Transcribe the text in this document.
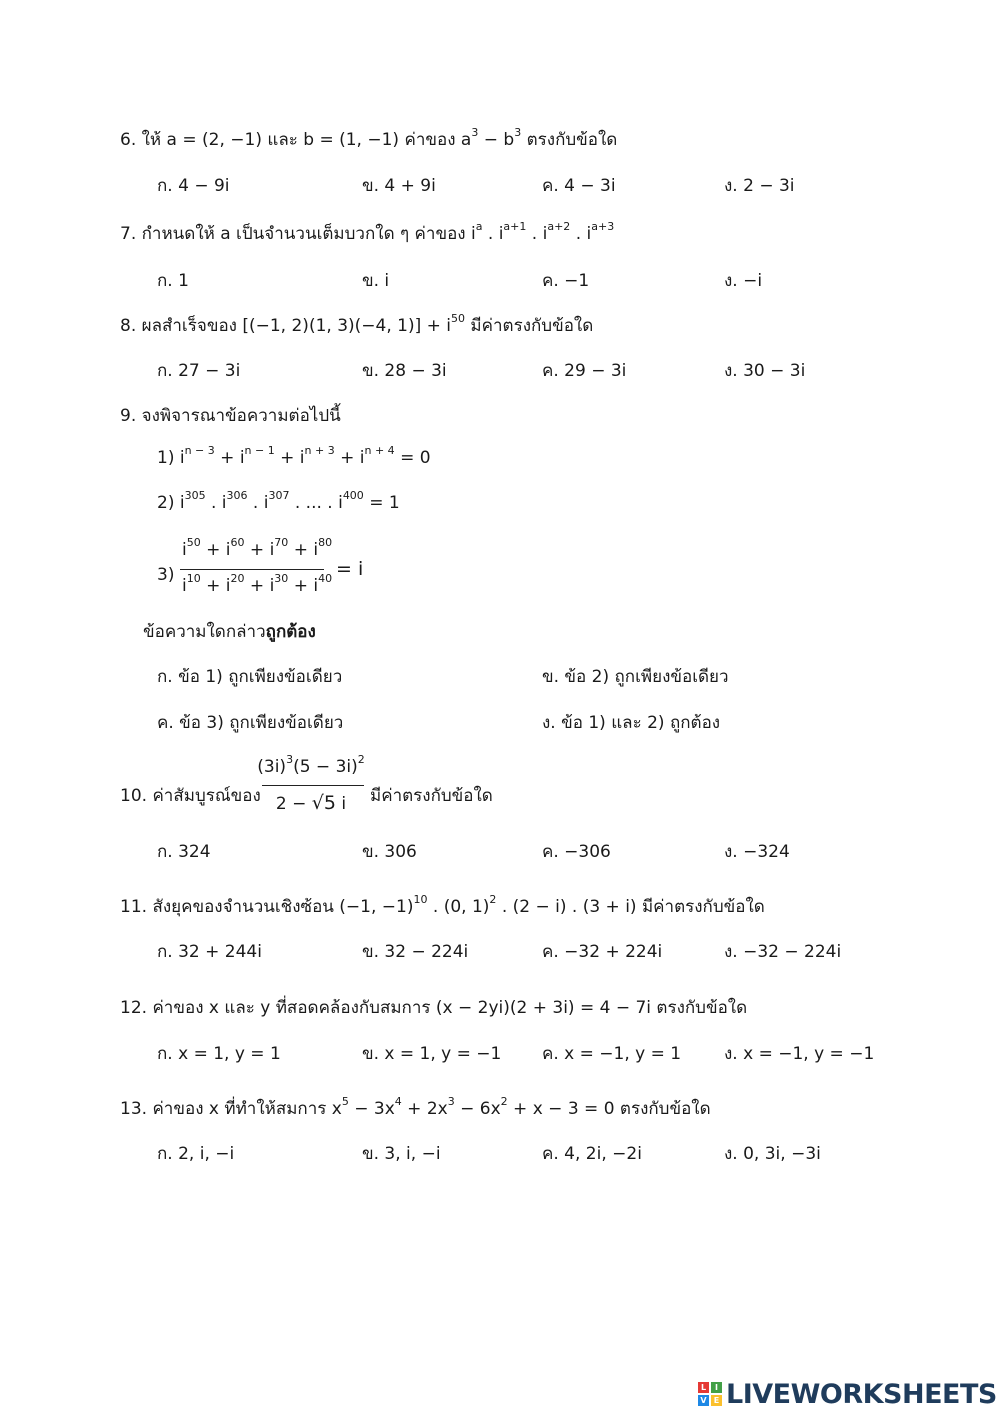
6. ให้ a = (2, −1) และ b = (1, −1) ค่าของ $a^3 - b^3$ ตรงกับข้อใด
ก. 4 − 9i	ข. 4 + 9i	ค. 4 − 3i	ง. 2 − 3i
7. กำหนดให้ a เป็นจำนวนเต็มบวกใด ๆ ค่าของ $i^a$ . $i^{a+1}$ . $i^{a+2}$ . $i^{a+3}$
ก. 1	ข. i	ค. −1	ง. −i
8. ผลสำเร็จของ [(−1, 2)(1, 3)(−4, $1)] + i^{50}$ มีค่าตรงกับข้อใด
ก. 27 − 3i	ข. 28 − 3i	ค. 29 − 3i	ง. 30 − 3i
9. จงพิจารณาข้อความต่อไปนี้
1) $i^{n - 3} + i^{n - 1} + i^{n + 3} + i^{n + 4} = 0$
2) $i^{305}$ . $i^{306}$ . $i^{307}$ . ... . $i^{400} = 1$
3)
$i^{50} + i^{60} + i^{70} + i^{80}$
$i^{10} + i^{20} + i^{30} + i^{40} = i$
ข้อความใดกล่าวถูกต้อง
ก. ข้อ 1) ถูกเพียงข้อเดียว	ข. ข้อ 2) ถูกเพียงข้อเดียว
ค. ข้อ 3) ถูกเพียงข้อเดียว	ง. ข้อ 1) และ 2) ถูกต้อง
10. ค่าสัมบูรณ์ของ
$(3i)^3(5 - 3i)^2$
2 − √5 i	มีค่าตรงกับข้อใด
ก. 324	ข. 306	ค. −306	ง. −324
11. สังยุคของจำนวนเชิงซ้อน (−1, −1)$^{10}$ . (0, 1)$^2$ . (2 − i) . (3 + i) มีค่าตรงกับข้อใด
ก. 32 + 244i	ข. 32 − 224i	ค. −32 + 224i	ง. −32 − 224i
12. ค่าของ x และ y ที่สอดคล้องกับสมการ (x − 2yi)(2 + 3i) = 4 − 7i ตรงกับข้อใด
ก. x = 1, y = 1	ข. x = 1, y = −1 ค. x = −1, y = 1	ง. x = −1, y = −1
13. ค่าของ x ที่ทำให้สมการ $x^5 - 3x^4 + 2x^3 - 6x^2 + x - 3 = 0$ ตรงกับข้อใด
ก. 2, i, −i	ข. 3, i, −i	ค. 4, 2i, −2i	ง. 0, 3i, −3i
L	I
V E LIVEWORKSHEETS
